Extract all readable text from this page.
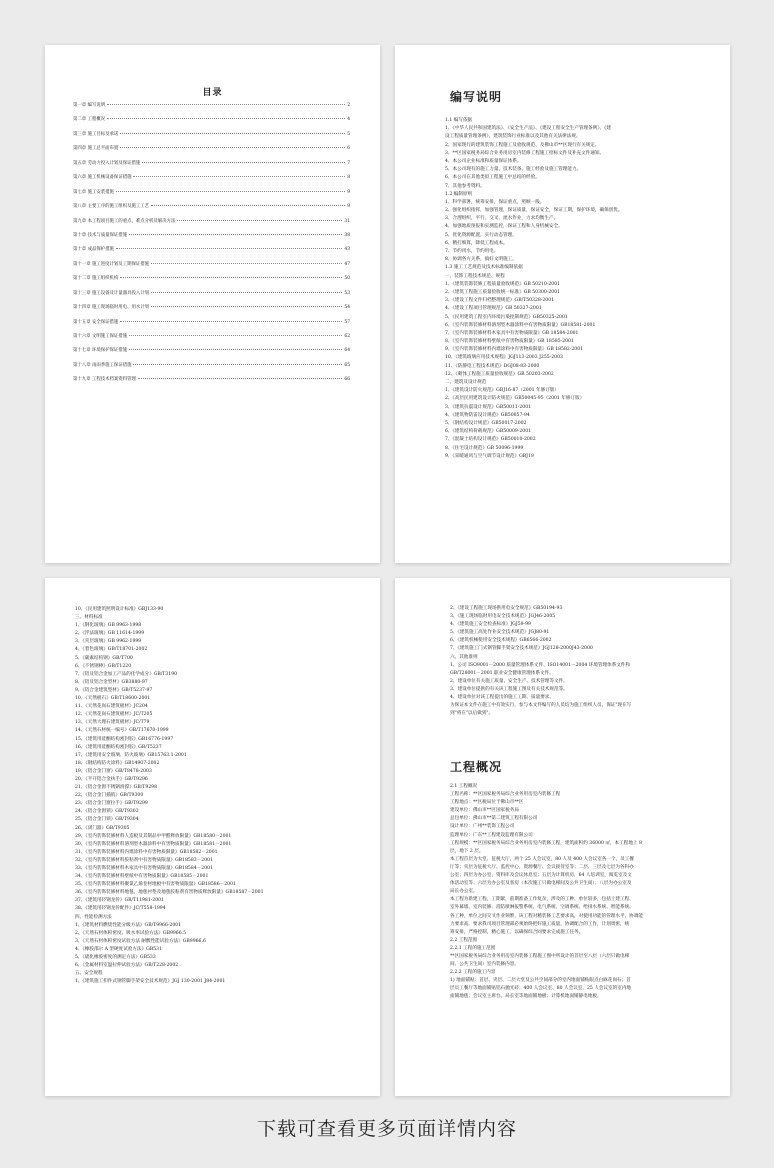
目录
第一章 编写说明	2
第二章 工程概况	4
第三章 施工目标及承诺	5
第四章 施工总平面布置	6
第五章 劳动力投入计划及保证措施	7
第六章 施工机械设备保证措施	8
第七章 施工安装措施	9
第八章 主要工序的施工组织及施工工艺	9
第九章 本工程项目施工的重点、难点分析及解决方法	31
第十章 技术与质量保证措施	38
第十章 成品保护措施	43
第十一章 施工进度计划及工期保证措施	47
第十二章 施工组织机构	50
第十三章 施工设备及计量器具投入计划	53
第十四章 施工现场临时用电、用水计划	54
第十五章 安全保证措施	57
第十六章 文明施工保证措施	62
第十七章 环境保护保证措施	64
第十八章 雨雨季施工保证措施	65
第十九章 工程技术档案资料管理	66
编写说明
1.1 编写依据
1、《中华人民共和国建筑法》、《安全生产法》、《建设工程安全生产管理条例》、《建
设工程质量管理条例》、建筑装饰行业标准以及其他有关法律法规。
2、国家现行的建筑装饰工程施工及验收规范、及佛山市**区现行有关规定。
3、**区国家税务局综合业务用房室内装修工程施工招标文件及补充文件通知。
4、本公司企业标准和质量保证体系。
5、本公司现有的施工力量、技术装备、施工经验及施工管理能力。
6、本公司在其他类似工程施工中总结的经验。
7、其他参考资料。
1.2 编制原则
1、科学部署，统筹安排，保证重点，照顾一般。
2、强化组织指挥，加强管理，保证质量，保证安全，保证工期，保护环境，确保创优。
3、合理组织，平行、交叉、流水作业，力求均衡生产。
4、加强地质预报和实测监控，保证工程和人身机械安全。
5、优化资源配置，实行动态管理。
6、精打细算，降低工程成本。
7、节约用水，节约用电。
8、协调各方关系，搞好文明施工。
1.3 施工工艺规范及技术标准编制依据
一、装饰工程技术规范、规程
1、《建筑装饰装修工程质量验收规范》GB 50210-2001
2、《建筑工程施工质量验收统一标准》GB 50300-2001
3、《建设工程文件归档整理规范》GB/T50328-2001
4、《建设工程项目管理规范》GB 50327-2001
5、《民用建筑工程室内环境污染控制规范》GB50325-2001
6、《室内装饰装修材料溶剂型木器涂料中有害物质限量》GB18581-2001
7、《室内装饰装修材料木家具中有害物质限量》GB 18584-2001
8、《室内装饰装修材料壁纸中有害物质限量》GB 18585-2001
9、《室内装饰装修材料内墙涂料中有害物质限量》GB 18582-2001
10、《建筑玻璃应用技术规程》JGJ113-2003 J255-2003
11、《防静电工程技术规范》DGJ08-83-2000
12、《砌体工程施工质量验收规范》GB 50203-2002
二、建筑及设计规范
1、《建筑设计防火规范》GBJ16-87（2001 年修订版）
2、《高层民用建筑设计防火规范》GB50045-95（2001 年修订版）
3、《建筑抗震设计规范》GB50011-2001
4、《建筑物防雷设计规范》GB50057-94
5、《钢结构设计规范》GB50017-2002
6、《建筑结构荷载规范》GB50009-2001
7、《混凝土结构设计规范》GB50010-2002
8、《住宅设计规范》GB 50096-1999
9、《采暖通风与空气调节设计规范》GBJ19
10、《民用建筑照明设计标准》GBJ133-90
三、材料标准
1、《钢化玻璃》GB 9963-1998
2、《浮法玻璃》GB 11614-1999
3、《夹层玻璃》GB 9962-1999
4、《着色玻璃》GB/T18701-2002
5、《碳素结构钢》GB/T700
6、《不锈钢棒》GB/T1220
7、《铝及铝合金加工产品的化学成分》GB/T3190
8、《铝及铝合金型材》GB3880-97
9、《铝合金建筑型材》GB/T5237-97
10、《天然板石》GB/T18600-2001
11、《天然花岗石建筑板材》JC204
12、《天然花岗石建筑板材》JC/T205
13、《天然大理石建筑板材》JC/T79
14、《天然石材统一编号》GB/T17670-1999
15、《建筑用硅酮结构密封胶》GB16776-1997
16、《建筑用硅酮结构密封胶》GB/T5237
17、《建筑用安全玻璃、防火玻璃》GB15763.1-2001
18、《钢结构防火涂料》GB14907-2002
19、《铝合金门窗》GB/T8478-2003
20、《半开铝合金执手》GB/T9296
21、《铝合金窗不锈钢滑撑》GB/T9298
22、《铝合金门插销》GB/T9300
23、《铝合金门窗拉手》GB/T9299
24、《铝合金窗锁》GB/T9302
25、《铝合金门锁》GB/T9304
26、《闭门器》GB/T9305
29、《室内装饰装修材料人造板及其制品中甲醛释放限量》GB18580－2001
30、《室内装饰装修材料溶剂型木器涂料中有害物质限量》GB18581－2001
31、《室内装饰装修材料内墙涂料中有害物质限量》GB18582－2001
32、《室内装饰装修材料胶粘剂中有害物质限量》GB18583－2001
33、《室内装饰装修材料木家具中有害物质限量》GB18584－2001
34、《室内装饰装修材料壁纸中有害物质限量》GB18585－2001
35、《室内装饰装修材料聚氯乙烯卷材地板中有害物质限量》GB18586－2001
36、《室内装饰装修材料地毯、地毯衬垫及地毯胶粘剂有害物质释放限量》GB18587－2001
37、《建筑用轻钢龙骨》GB/T11981-2001
38、《建筑用轻钢龙骨配件》JC/T558-1994
四、性能检测方法
1、《建筑材料燃烧性能分级方法》GB/T9966-2001
2、《天然石材体积密度、吸水率试验方法》GB9966.5
3、《天然石材体积密度试验方法 耐酸性能试验方法》GB9966.6
4、《橡胶邵尔 A 型硬度试验方法》GB531
5、《硫化橡胶密度的测定方法》GB533
6、《金属材料室温拉伸试验方法》GB/T228-2002
五、安全规程
1、《建筑施工扣件式钢管脚手架安全技术规范》JGJ 130-2001 J84-2001
2、《建设工程施工现场供用电安全规范》GB50194-93
3、《施工现场临时用电安全技术规范》JGJ46-2005
4、《建筑施工安全检查标准》JGJ59-99
5、《建筑施工高处作业安全技术规范》JGJ80-91
6、《建筑机械使用安全技术规程》GB6566-2002
7、《建筑施工门式钢管脚手架安全技术规范》JGJ128-2000J43-2000
六、其他准则
1、公司 ISO9001－2000 质量管理体系文件、ISO14001－2004 环境管理体系文件和
GB/T28001－2001 职业安全健康管理体系文件。
2、建设单位有关施工质量、安全生产、技术管理等文件。
3、建设单位提供的有关该工程施工图及有关技术规范等。
4、建设单位对该工程提出的施工工期、质量要求。
为保证本文件在施工中有效实行，参与本文件编写的人员均为施工组织人员，保证"现在写
到"将在"以后做到"。
工程概况
2.1 工程概况
工程名称：**区国家税务局综合业务用房室内装修工程
工程地点：**区税局位于佛山市**区
建设单位：佛山市**区国家税务局
总包单位：佛山市**第二建筑工程有限公司
设计单位：广州**装饰工程公司
监理单位：广东**工程建设监理有限公司
工程规模：**区国家税务局综合业务用房室内装修工程，建筑面积约 36000 ㎡，本工程地上 8
层，地下 2 层。
本工程首层为大堂、征税大厅，两个 25 人会议室，80 人及 400 人会议室各一个，员工餐
厅等；夹层为征税大厅、监控中心，资源餐厅、会议接待室等；二层、三层及七层为各科办
公室；四层为办公室，资料库及会议休息室；五层为计算机房，64 人培训室，阅览室及文
体活动室等；六层为办公室及客房（本次施工只做电梯间及公共卫生间）；八层为办公室及
局长办公室。
本工程为新建工程，工期紧，前期准备工作复杂，涉及的工种、单位较多，包括土建工程、
室外幕墙、室内装修、消防喷淋报警系统、电气系统、空调系统、给排水系统、智能系统、
各工种，单位之间交叉作业频繁，该工程对精装修工艺要求高，对使用功能的管理水平，协调能
力要求高。要求我司项目管理部必须始终把好施工质量，协调配合的工作，计划周密，统
筹安排，严格控制，精心施工，以确保综合同要求完成施工任务。
2.2 工程范围
2.2.1 工程的施工范围
**区国家税务局综合业务用房室内装修工程施工图中所设计的首层至八层（六层只做电梯
间、公共卫生间）室内装修内容。
2.2.2 工程的施工内容
1) 地面铺贴：首层、夹层、二层大堂及公共空间部分的室内地面铺贴眼点白麻花岗石；首
层员工餐厅等地面铺贴铝石抛光砖；400 人会议室、80 人会议室、25 人会议室的室内地
面铺地毯；会议室主席台、局长室等地面铺地板；计算机地面铺静电地板。
下载可查看更多页面详情内容
